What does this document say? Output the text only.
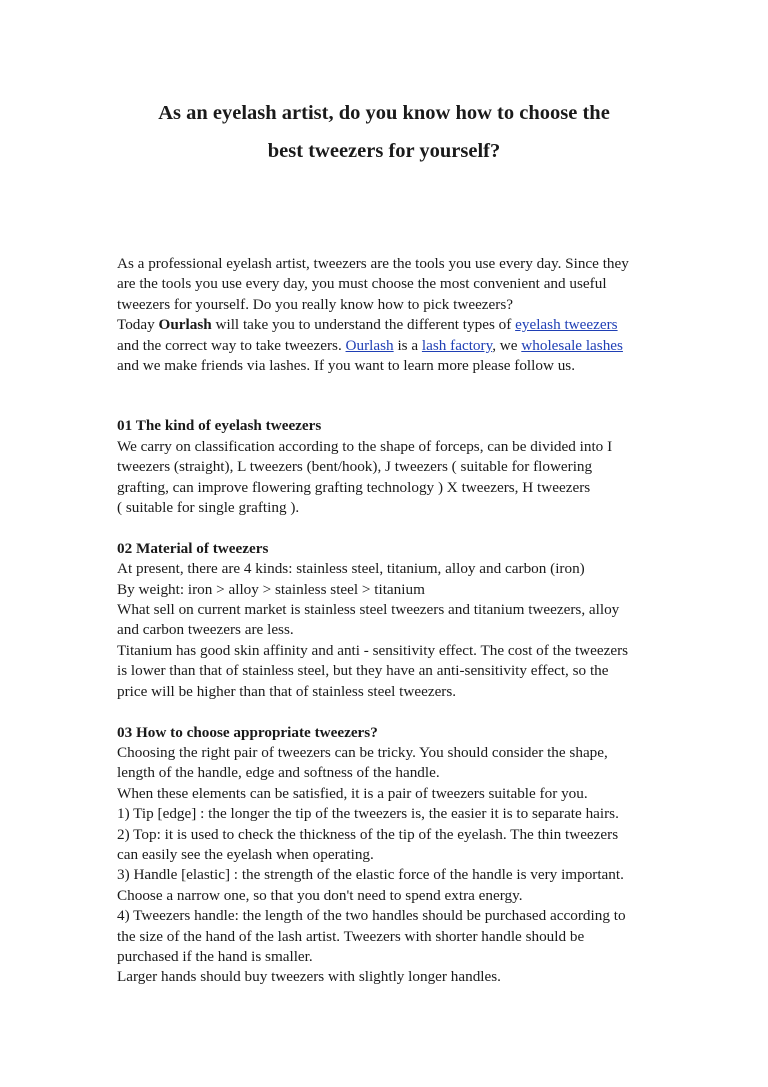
As an eyelash artist, do you know how to choose the
best tweezers for yourself?
As a professional eyelash artist, tweezers are the tools you use every day. Since they
are the tools you use every day, you must choose the most convenient and useful
tweezers for yourself. Do you really know how to pick tweezers?
Today Ourlash will take you to understand the different types of eyelash tweezers
and the correct way to take tweezers. Ourlash is a lash factory, we wholesale lashes
and we make friends via lashes. If you want to learn more please follow us.
01 The kind of eyelash tweezers
We carry on classification according to the shape of forceps, can be divided into I
tweezers (straight), L tweezers (bent/hook), J tweezers ( suitable for flowering
grafting, can improve flowering grafting technology ) X tweezers, H tweezers
( suitable for single grafting ).
02 Material of tweezers
At present, there are 4 kinds: stainless steel, titanium, alloy and carbon (iron)
By weight: iron > alloy > stainless steel > titanium
What sell on current market is stainless steel tweezers and titanium tweezers, alloy
and carbon tweezers are less.
Titanium has good skin affinity and anti - sensitivity effect. The cost of the tweezers
is lower than that of stainless steel, but they have an anti-sensitivity effect, so the
price will be higher than that of stainless steel tweezers.
03 How to choose appropriate tweezers?
Choosing the right pair of tweezers can be tricky. You should consider the shape,
length of the handle, edge and softness of the handle.
When these elements can be satisfied, it is a pair of tweezers suitable for you.
1) Tip [edge] : the longer the tip of the tweezers is, the easier it is to separate hairs.
2) Top: it is used to check the thickness of the tip of the eyelash. The thin tweezers
can easily see the eyelash when operating.
3) Handle [elastic] : the strength of the elastic force of the handle is very important.
Choose a narrow one, so that you don't need to spend extra energy.
4) Tweezers handle: the length of the two handles should be purchased according to
the size of the hand of the lash artist. Tweezers with shorter handle should be
purchased if the hand is smaller.
Larger hands should buy tweezers with slightly longer handles.
